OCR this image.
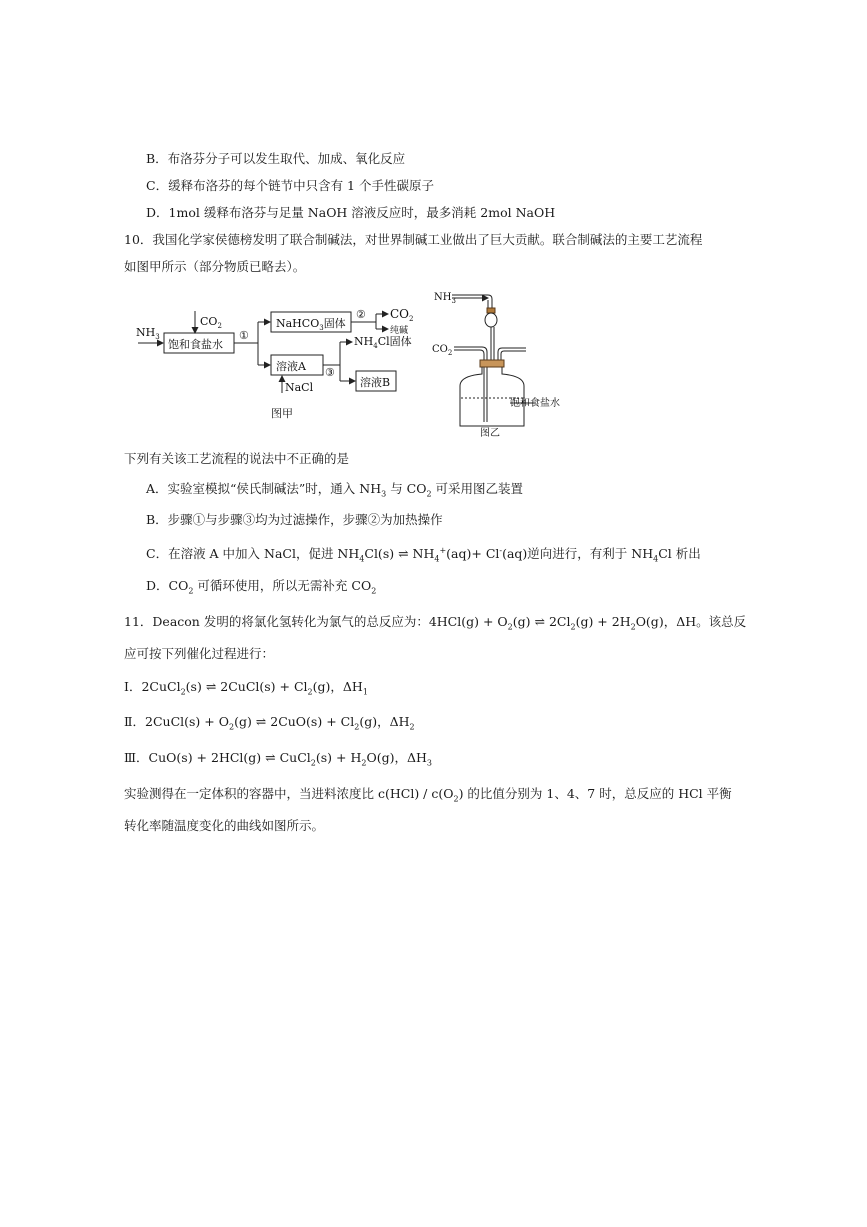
B．布洛芬分子可以发生取代、加成、氧化反应
C．缓释布洛芬的每个链节中只含有 1 个手性碳原子
D．1mol 缓释布洛芬与足量 NaOH 溶液反应时，最多消耗 2mol NaOH
10．我国化学家侯德榜发明了联合制碱法，对世界制碱工业做出了巨大贡献。联合制碱法的主要工艺流程
如图甲所示（部分物质已略去）。
$NH_3$
$CO_2$
饱和食盐水
①
NaHCO$_3$固体
② $CO_2$
纯碱
溶液A
$NH_4Cl$固体
③
NaCl	溶液B
图甲
$NH_3$
$CO_2$
饱和食盐水
图乙
下列有关该工艺流程的说法中不正确的是
A．实验室模拟“侯氏制碱法”时，通入 $NH_3$ 与 $CO_2$ 可采用图乙装置
B．步骤①与步骤③均为过滤操作，步骤②为加热操作
C．在溶液 A 中加入 NaCl，促进 $NH_4Cl(s)$ ⇌ $NH_4^+(aq)+ Cl^-(aq)$逆向进行，有利于 $NH_4Cl$ 析出
D．$CO_2$ 可循环使用，所以无需补充 $CO_2$
11．Deacon 发明的将氯化氢转化为氯气的总反应为：$4HCl(g) + O_2(g)$ ⇌ $2Cl_2(g) + 2H_2O(g)$，ΔH。该总反
应可按下列催化过程进行：
Ⅰ．2CuCl$_2$(s) ⇌ 2CuCl(s) + $Cl_2(g)$，$\Delta H_1$
Ⅱ．2CuCl(s) + $O_2(g)$ ⇌ $2CuO(s) + Cl_2(g)$，$\Delta H_2$
Ⅲ．CuO(s) + 2HCl(g) ⇌ CuCl$_2$(s) + $H_2O(g)$，$\Delta H_3$
实验测得在一定体积的容器中，当进料浓度比 $c(HCl) / c(O_2)$ 的比值分别为 1、4、7 时，总反应的 HCl 平衡
转化率随温度变化的曲线如图所示。
